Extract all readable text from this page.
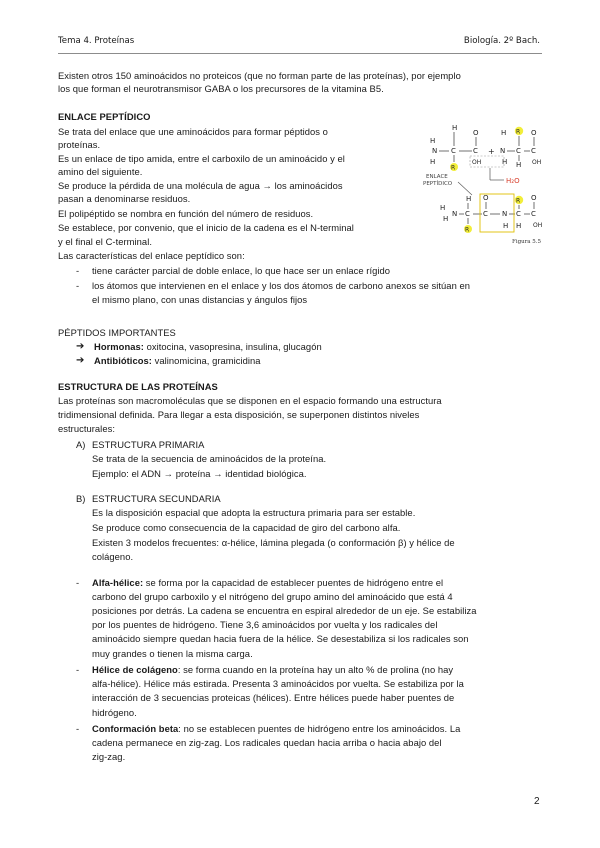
Tema 4. Proteínas	Biología. 2º Bach.
Existen otros 150 aminoácidos no proteicos (que no forman parte de las proteínas), por ejemplo
los que forman el neurotransmisor GABA o los precursores de la vitamina B5.
ENLACE PEPTÍDICO
Se trata del enlace que une aminoácidos para formar péptidos o
proteínas.
Es un enlace de tipo amida, entre el carboxilo de un aminoácido y el
amino del siguiente.
Se produce la pérdida de una molécula de agua → los aminoácidos
pasan a denominarse residuos.
El polipéptido se nombra en función del número de residuos.
Se establece, por convenio, que el inicio de la cadena es el N-terminal
y el final el C-terminal.
Las características del enlace peptídico son:
- tiene carácter parcial de doble enlace, lo que hace ser un enlace rígido
- los átomos que intervienen en el enlace y los dos átomos de carbono anexos se sitúan en
el mismo plano, con unas distancias y ángulos fijos
H
N
H
H
C
R
O
C
OH
+ N
H
H
R
C
H
O
C
OH
H₂O
ENLACE
PEPTÍDICO
H
H
N
H
C
R
O
C N
H
R
C
H
O
C
OH
Figura 5.5
PÉPTIDOS IMPORTANTES
➔ Hormonas: oxitocina, vasopresina, insulina, glucagón
➔ Antibióticos: valinomicina, gramicidina
ESTRUCTURA DE LAS PROTEÍNAS
Las proteínas son macromoléculas que se disponen en el espacio formando una estructura
tridimensional definida. Para llegar a esta disposición, se superponen distintos niveles
estructurales:
A) ESTRUCTURA PRIMARIA
Se trata de la secuencia de aminoácidos de la proteína.
Ejemplo: el ADN → proteína → identidad biológica.
B) ESTRUCTURA SECUNDARIA
Es la disposición espacial que adopta la estructura primaria para ser estable.
Se produce como consecuencia de la capacidad de giro del carbono alfa.
Existen 3 modelos frecuentes: α-hélice, lámina plegada (o conformación β) y hélice de
colágeno.
- Alfa-hélice: se forma por la capacidad de establecer puentes de hidrógeno entre el
carbono del grupo carboxilo y el nitrógeno del grupo amino del aminoácido que está 4
posiciones por detrás. La cadena se encuentra en espiral alrededor de un eje. Se estabiliza
por los puentes de hidrógeno. Tiene 3,6 aminoácidos por vuelta y los radicales del
aminoácido siempre quedan hacia fuera de la hélice. Se desestabiliza si los radicales son
muy grandes o tienen la misma carga.
- Hélice de colágeno: se forma cuando en la proteína hay un alto % de prolina (no hay
alfa-hélice). Hélice más estirada. Presenta 3 aminoácidos por vuelta. Se estabiliza por la
interacción de 3 secuencias proteicas (hélices). Entre hélices puede haber puentes de
hidrógeno.
- Conformación beta: no se establecen puentes de hidrógeno entre los aminoácidos. La
cadena permanece en zig-zag. Los radicales quedan hacia arriba o hacia abajo del
zig-zag.
2
